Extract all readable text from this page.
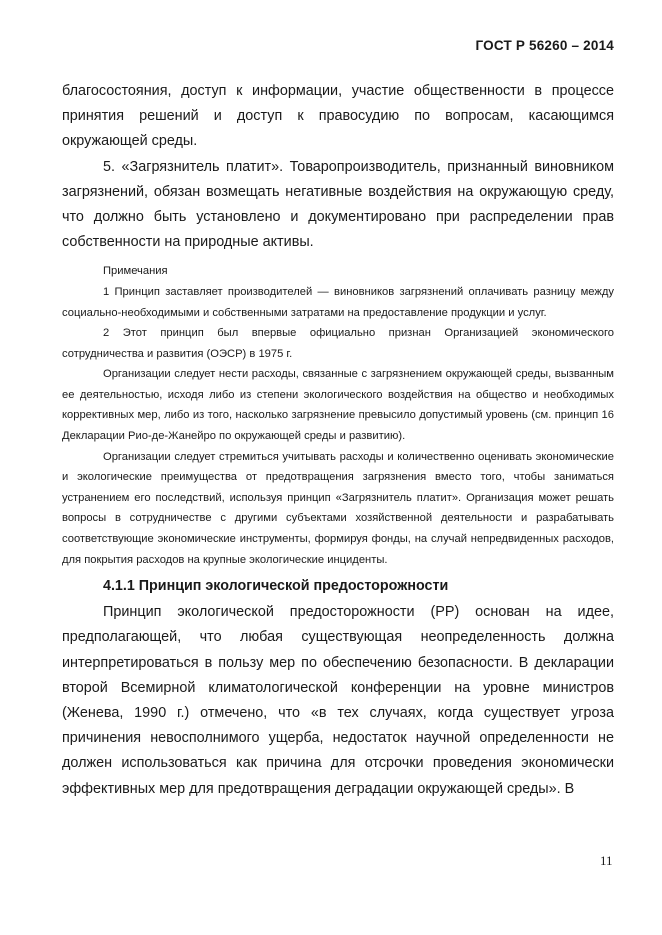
ГОСТ Р 56260 – 2014

благосостояния, доступ к информации, участие общественности в процессе принятия решений и доступ к правосудию по вопросам, касающимся окружающей среды.

5. «Загрязнитель платит». Товаропроизводитель, признанный виновником загрязнений, обязан возмещать негативные воздействия на окружающую среду, что должно быть установлено и документировано при распределении прав собственности на природные активы.

Примечания

1 Принцип заставляет производителей — виновников загрязнений оплачивать разницу между социально-необходимыми и собственными затратами на предоставление продукции и услуг.

2 Этот принцип был впервые официально признан Организацией экономического сотрудничества и развития (ОЭСР) в 1975 г.

Организации следует нести расходы, связанные с загрязнением окружающей среды, вызванным ее деятельностью, исходя либо из степени экологического воздействия на общество и необходимых коррективных мер, либо из того, насколько загрязнение превысило допустимый уровень (см. принцип 16 Декларации Рио-де-Жанейро по окружающей среды и развитию).

Организации следует стремиться учитывать расходы и количественно оценивать экономические и экологические преимущества от предотвращения загрязнения вместо того, чтобы заниматься устранением его последствий, используя принцип «Загрязнитель платит». Организация может решать вопросы в сотрудничестве с другими субъектами хозяйственной деятельности и разрабатывать соответствующие экономические инструменты, формируя фонды, на случай непредвиденных расходов, для покрытия расходов на крупные экологические инциденты.

4.1.1 Принцип экологической предосторожности

Принцип экологической предосторожности (РР) основан на идее, предполагающей, что любая существующая неопределенность должна интерпретироваться в пользу мер по обеспечению безопасности. В декларации второй Всемирной климатологической конференции на уровне министров (Женева, 1990 г.) отмечено, что «в тех случаях, когда существует угроза причинения невосполнимого ущерба, недостаток научной определенности не должен использоваться как причина для отсрочки проведения экономически эффективных мер для предотвращения деградации окружающей среды». В

11
